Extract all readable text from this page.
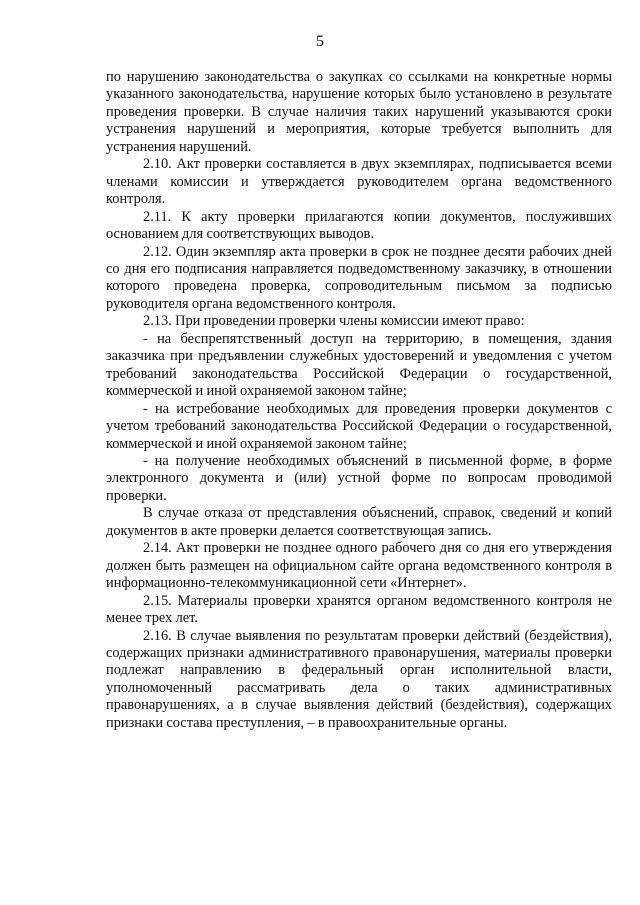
5

по нарушению законодательства о закупках со ссылками на конкретные нормы указанного законодательства, нарушение которых было установлено в результате проведения проверки. В случае наличия таких нарушений указываются сроки устранения нарушений и мероприятия, которые требуется выполнить для устранения нарушений.

2.10. Акт проверки составляется в двух экземплярах, подписывается всеми членами комиссии и утверждается руководителем органа ведомственного контроля.

2.11. К акту проверки прилагаются копии документов, послуживших основанием для соответствующих выводов.

2.12. Один экземпляр акта проверки в срок не позднее десяти рабочих дней со дня его подписания направляется подведомственному заказчику, в отношении которого проведена проверка, сопроводительным письмом за подписью руководителя органа ведомственного контроля.

2.13. При проведении проверки члены комиссии имеют право:

- на беспрепятственный доступ на территорию, в помещения, здания заказчика при предъявлении служебных удостоверений и уведомления с учетом требований законодательства Российской Федерации о государственной, коммерческой и иной охраняемой законом тайне;

- на истребование необходимых для проведения проверки документов с учетом требований законодательства Российской Федерации о государственной, коммерческой и иной охраняемой законом тайне;

- на получение необходимых объяснений в письменной форме, в форме электронного документа и (или) устной форме по вопросам проводимой проверки.

В случае отказа от представления объяснений, справок, сведений и копий документов в акте проверки делается соответствующая запись.

2.14. Акт проверки не позднее одного рабочего дня со дня его утверждения должен быть размещен на официальном сайте органа ведомственного контроля в информационно-телекоммуникационной сети «Интернет».

2.15. Материалы проверки хранятся органом ведомственного контроля не менее трех лет.

2.16. В случае выявления по результатам проверки действий (бездействия), содержащих признаки административного правонарушения, материалы проверки подлежат направлению в федеральный орган исполнительной власти, уполномоченный рассматривать дела о таких административных правонарушениях, а в случае выявления действий (бездействия), содержащих признаки состава преступления, – в правоохранительные органы.
